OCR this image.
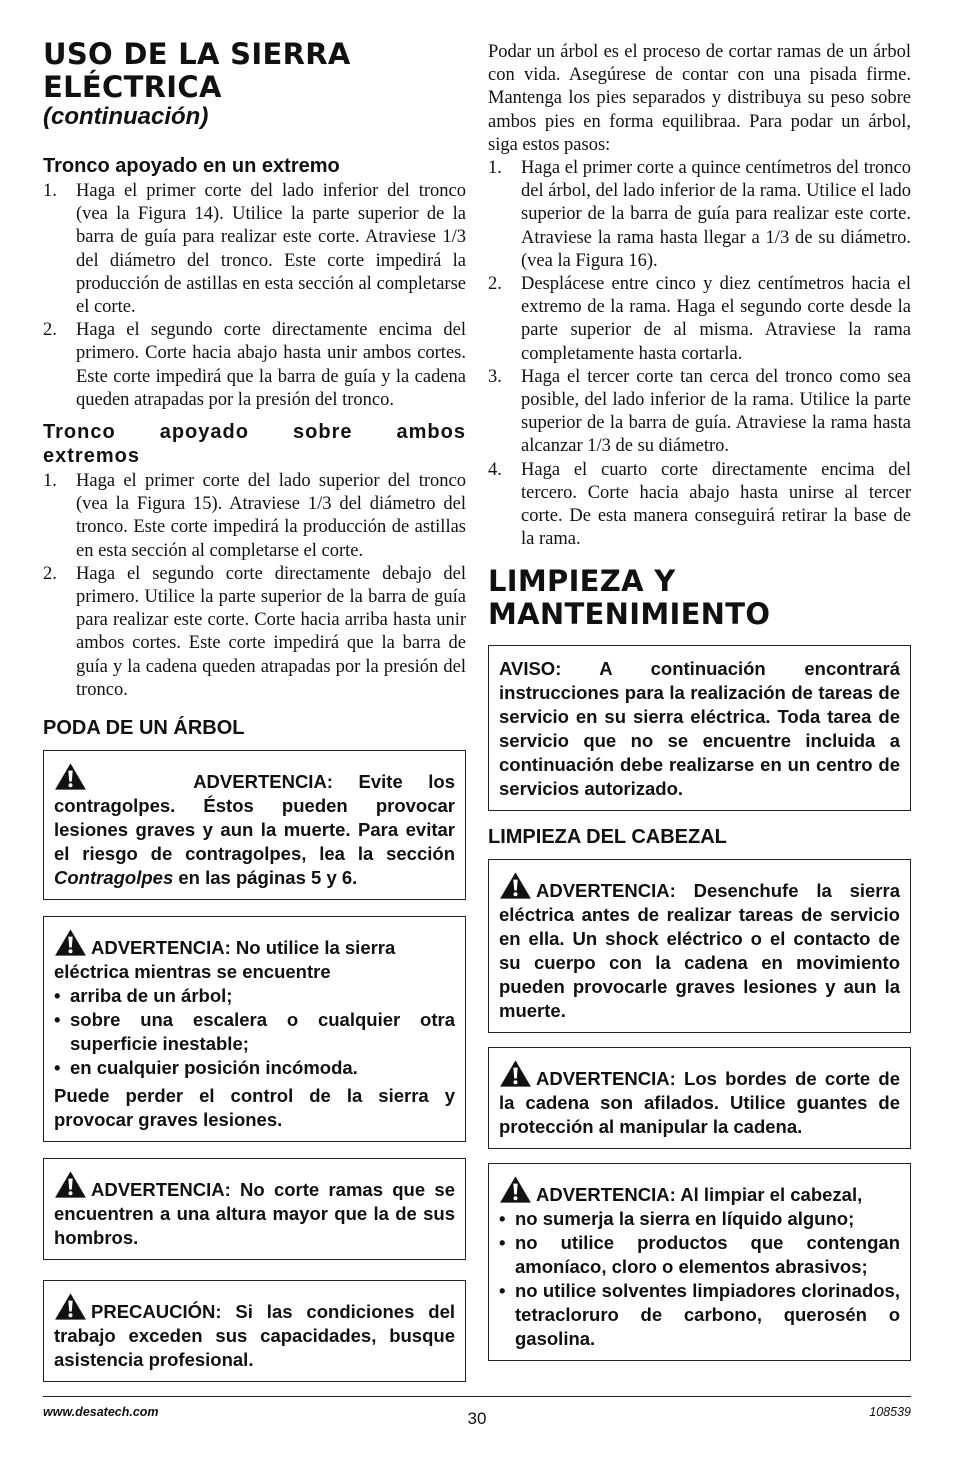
USO DE LA SIERRA
ELÉCTRICA
(continuación)
Tronco apoyado en un extremo
1. Haga el primer corte del lado inferior del tronco (vea la Figura 14). Utilice la parte superior de la barra de guía para realizar este corte. Atraviese 1/3 del diámetro del tronco. Este corte impedirá la producción de astillas en esta sección al completarse el corte.
2. Haga el segundo corte directamente encima del primero. Corte hacia abajo hasta unir ambos cortes. Este corte impedirá que la barra de guía y la cadena queden atrapadas por la presión del tronco.
Tronco apoyado sobre ambos
extremos
1. Haga el primer corte del lado superior del tronco (vea la Figura 15). Atraviese 1/3 del diámetro del tronco. Este corte impedirá la producción de astillas en esta sección al completarse el corte.
2. Haga el segundo corte directamente debajo del primero. Utilice la parte superior de la barra de guía para realizar este corte. Corte hacia arriba hasta unir ambos cortes. Este corte impedirá que la barra de guía y la cadena queden atrapadas por la presión del tronco.
PODA DE UN ÁRBOL
ADVERTENCIA: Evite los contragolpes. Éstos pueden provocar lesiones graves y aun la muerte. Para evitar el riesgo de contragolpes, lea la sección Contragolpes en las páginas 5 y 6.
ADVERTENCIA: No utilice la sierra eléctrica mientras se encuentre
• arriba de un árbol;
• sobre una escalera o cualquier otra superficie inestable;
• en cualquier posición incómoda.
Puede perder el control de la sierra y provocar graves lesiones.
ADVERTENCIA: No corte ramas que se encuentren a una altura mayor que la de sus hombros.
PRECAUCIÓN: Si las condiciones del trabajo exceden sus capacidades, busque asistencia profesional.
Podar un árbol es el proceso de cortar ramas de un árbol con vida. Asegúrese de contar con una pisada firme. Mantenga los pies separados y distribuya su peso sobre ambos pies en forma equilibraa. Para podar un árbol, siga estos pasos:
1. Haga el primer corte a quince centímetros del tronco del árbol, del lado inferior de la rama. Utilice el lado superior de la barra de guía para realizar este corte. Atraviese la rama hasta llegar a 1/3 de su diámetro. (vea la Figura 16).
2. Desplácese entre cinco y diez centímetros hacia el extremo de la rama. Haga el segundo corte desde la parte superior de al misma. Atraviese la rama completamente hasta cortarla.
3. Haga el tercer corte tan cerca del tronco como sea posible, del lado inferior de la rama. Utilice la parte superior de la barra de guía. Atraviese la rama hasta alcanzar 1/3 de su diámetro.
4. Haga el cuarto corte directamente encima del tercero. Corte hacia abajo hasta unirse al tercer corte. De esta manera conseguirá retirar la base de la rama.
LIMPIEZA Y
MANTENIMIENTO
AVISO: A continuación encontrará instrucciones para la realización de tareas de servicio en su sierra eléctrica. Toda tarea de servicio que no se encuentre incluida a continuación debe realizarse en un centro de servicios autorizado.
LIMPIEZA DEL CABEZAL
ADVERTENCIA: Desenchufe la sierra eléctrica antes de realizar tareas de servicio en ella. Un shock eléctrico o el contacto de su cuerpo con la cadena en movimiento pueden provocarle graves lesiones y aun la muerte.
ADVERTENCIA: Los bordes de corte de la cadena son afilados. Utilice guantes de protección al manipular la cadena.
ADVERTENCIA: Al limpiar el cabezal,
• no sumerja la sierra en líquido alguno;
• no utilice productos que contengan amoníaco, cloro o elementos abrasivos;
• no utilice solventes limpiadores clorinados, tetracloruro de carbono, querosén o gasolina.
www.desatech.com	30	108539
